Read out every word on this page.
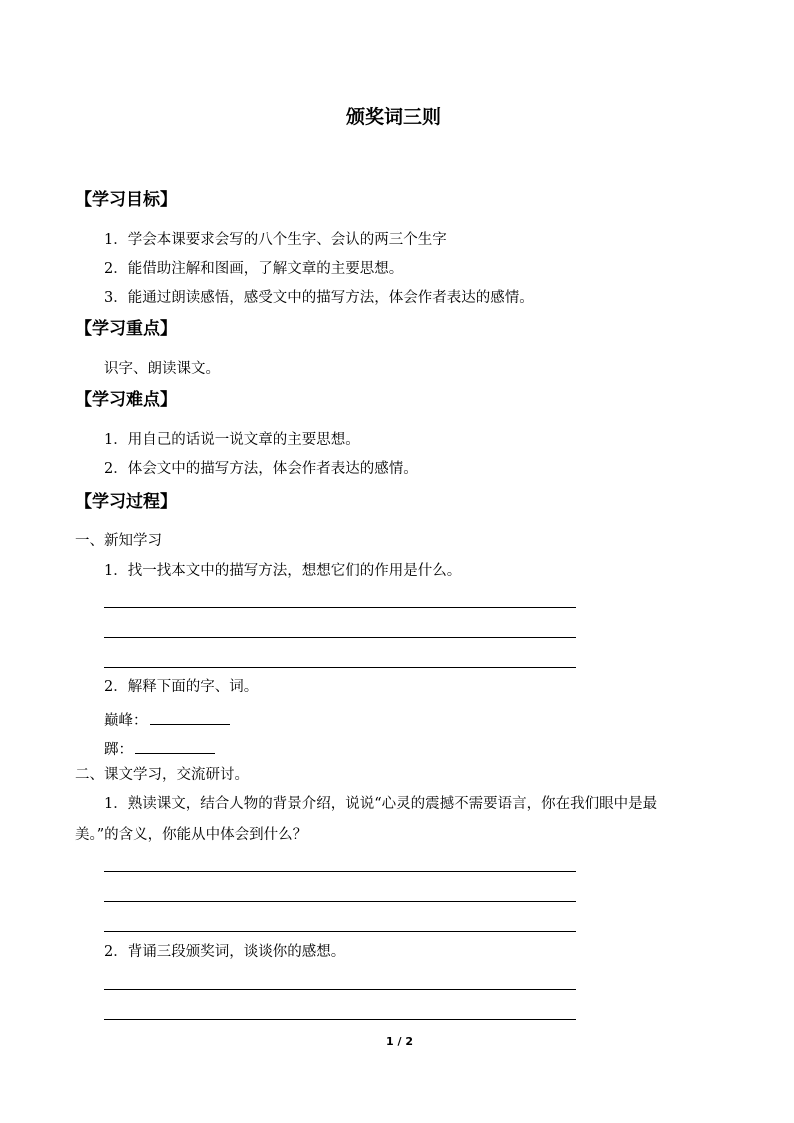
颁奖词三则
【学习目标】
1．学会本课要求会写的八个生字、会认的两三个生字
2．能借助注解和图画，了解文章的主要思想。
3．能通过朗读感悟，感受文中的描写方法，体会作者表达的感情。
【学习重点】
识字、朗读课文。
【学习难点】
1．用自己的话说一说文章的主要思想。
2．体会文中的描写方法，体会作者表达的感情。
【学习过程】
一、新知学习
1．找一找本文中的描写方法，想想它们的作用是什么。
2．解释下面的字、词。
巅峰：
踯：
二、课文学习，交流研讨。
1．熟读课文，结合人物的背景介绍，说说“心灵的震撼不需要语言，你在我们眼中是最
美。”的含义，你能从中体会到什么？
2．背诵三段颁奖词，谈谈你的感想。
1 / 2
